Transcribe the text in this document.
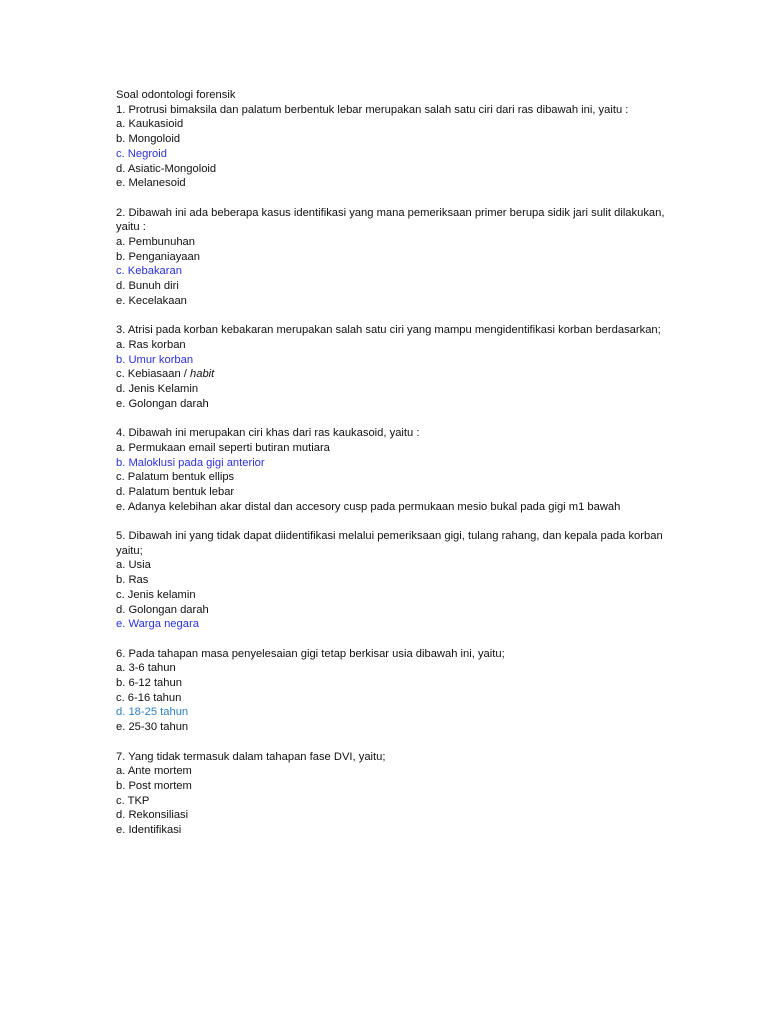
Soal odontologi forensik
1. Protrusi bimaksila dan palatum berbentuk lebar merupakan salah satu ciri dari ras dibawah ini, yaitu :
a. Kaukasioid
b. Mongoloid
c. Negroid
d. Asiatic-Mongoloid
e. Melanesoid
2. Dibawah ini ada beberapa kasus identifikasi yang mana pemeriksaan primer berupa sidik jari sulit dilakukan, yaitu :
a. Pembunuhan
b. Penganiayaan
c. Kebakaran
d. Bunuh diri
e. Kecelakaan
3. Atrisi pada korban kebakaran merupakan salah satu ciri yang mampu mengidentifikasi korban berdasarkan;
a. Ras korban
b. Umur korban
c. Kebiasaan / habit
d. Jenis Kelamin
e. Golongan darah
4. Dibawah ini merupakan ciri khas dari ras kaukasoid, yaitu :
a. Permukaan email seperti butiran mutiara
b. Maloklusi pada gigi anterior
c. Palatum bentuk ellips
d. Palatum bentuk lebar
e. Adanya kelebihan akar distal dan accesory cusp pada permukaan mesio bukal pada gigi m1 bawah
5. Dibawah ini yang tidak dapat diidentifikasi melalui pemeriksaan gigi, tulang rahang, dan kepala pada korban yaitu;
a. Usia
b. Ras
c. Jenis kelamin
d. Golongan darah
e. Warga negara
6. Pada tahapan masa penyelesaian gigi tetap berkisar usia dibawah ini, yaitu;
a. 3-6 tahun
b. 6-12 tahun
c. 6-16 tahun
d. 18-25 tahun
e. 25-30 tahun
7. Yang tidak termasuk dalam tahapan fase DVI, yaitu;
a. Ante mortem
b. Post mortem
c. TKP
d. Rekonsiliasi
e. Identifikasi
